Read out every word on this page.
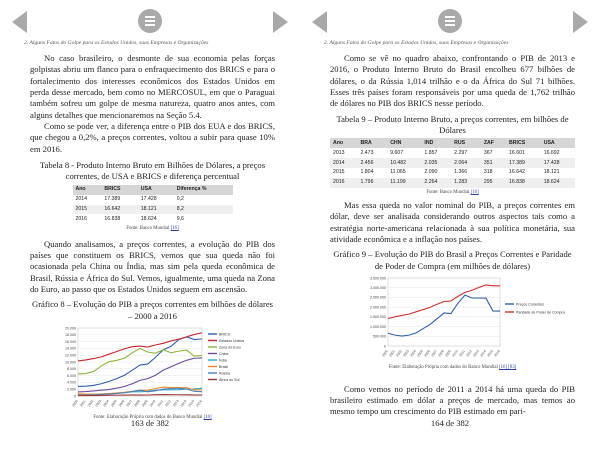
2. Alguns Fatos do Golpe para os Estados Unidos, suas Empresas e Organizações

No caso brasileiro, o desmonte de sua economia pelas forças golpistas abriu um flanco para o enfraquecimento dos BRICS e para o fortalecimento dos interesses econômicos dos Estados Unidos em perda desse mercado, bem como no MERCOSUL, em que o Paraguai também sofreu um golpe de mesma natureza, quatro anos antes, com alguns detalhes que mencionaremos na Seção 5.4.

Como se pode ver, a diferença entre o PIB dos EUA e dos BRICS, que chegou a 0,2%, a preços correntes, voltou a subir para quase 10% em 2016.

Tabela 8 - Produto Interno Bruto em Bilhões de Dólares, a preços correntes, de USA e BRICS e diferença percentual
Ano	BRICS	USA	Diferença %
2014	17.389	17.428	0,2
2015	16.642	18.121	8,2
2016	16.838	18.624	9,6
Fonte: Banco Mundial [16]

Quando analisamos, a preços correntes, a evolução do PIB dos países que constituem os BRICS, vemos que sua queda não foi ocasionada pela China ou Índia, mas sim pela queda econômica de Brasil, Rússia e África do Sul. Vemos, igualmente, uma queda na Zona do Euro, ao passo que os Estados Unidos seguem em ascensão.

Gráfico 8 – Evolução do PIB a preços correntes em bilhões de dólares – 2000 a 2016
0
2.000
4.000
6.000
8.000
10.000
12.000
14.000
16.000
18.000
20.000
2000 2001 2002 2003 2004 2005 2006 2007 2008 2009 2010 2011 2012 2013 2014 2015 2016
BRICS
Estados Unidos
Zona do Euro
China
Índia
Brasil
Rússia
África do Sul
Fonte: Elaboração Própria com dados do Banco Mundial [16]
163 de 382
2. Alguns Fatos do Golpe para os Estados Unidos, suas Empresas e Organizações

Como se vê no quadro abaixo, confrontando o PIB de 2013 e 2016, o Produto Interno Bruto do Brasil encolheu 677 bilhões de dólares, o da Rússia 1,014 trilhão e o da África do Sul 71 bilhões. Esses três países foram responsáveis por uma queda de 1,762 trilhão de dólares no PIB dos BRICS nesse período.

Tabela 9 – Produto Interno Bruto, a preços correntes, em bilhões de Dólares
Ano	BRA	CHN	IND	RUS	ZAF	BRICS	USA
2013	2.473	9.607	1.857	2.297	367	16.601	16.692
2014	2.456	10.482	2.035	2.064	351	17.389	17.428
2015	1.804	11.065	2.090	1.366	318	16.642	18.121
2016	1.796	11.199	2.264	1.283	295	16.838	18.624
Fonte: Banco Mundial [16]

Mas essa queda no valor nominal do PIB, a preços correntes em dólar, deve ser analisada considerando outros aspectos tais como a estratégia norte-americana relacionada à sua política monetária, sua atividade econômica e a inflação nos países.

Gráfico 9 – Evolução do PIB do Brasil a Preços Correntes e Paridade de Poder de Compra (em milhões de dólares)
0
500.000
1.000.000
1.500.000
2.000.000
2.500.000
3.000.000
3.500.000
2000 2001 2002 2003 2004 2005 2006 2007 2008 2009 2010 2011 2012 2013 2014 2015 2016
Preços Correntes
Paridade de Poder de Compra
Fonte: Elaboração Própria com dados do Banco Mundial [16] [83]

Como vemos no período de 2011 a 2014 há uma queda do PIB brasileiro estimado em dólar a preços de mercado, mas temos ao mesmo tempo um crescimento do PIB estimado em pari-

164 de 382
